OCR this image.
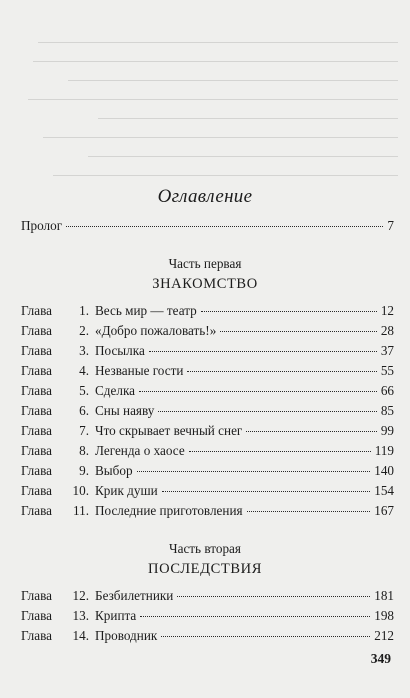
Оглавление
Пролог	7
Часть первая
ЗНАКОМСТВО
Глава	1. Весь мир — театр	12
Глава	2. «Добро пожаловать!»	28
Глава	3. Посылка	37
Глава	4. Незваные гости	55
Глава	5. Сделка	66
Глава	6. Сны наяву	85
Глава	7. Что скрывает вечный снег	99
Глава	8. Легенда о хаосе	119
Глава	9. Выбор	140
Глава	10. Крик души	154
Глава	11. Последние приготовления	167
Часть вторая
ПОСЛЕДСТВИЯ
Глава	12. Безбилетники	181
Глава	13. Крипта	198
Глава	14. Проводник	212
349
